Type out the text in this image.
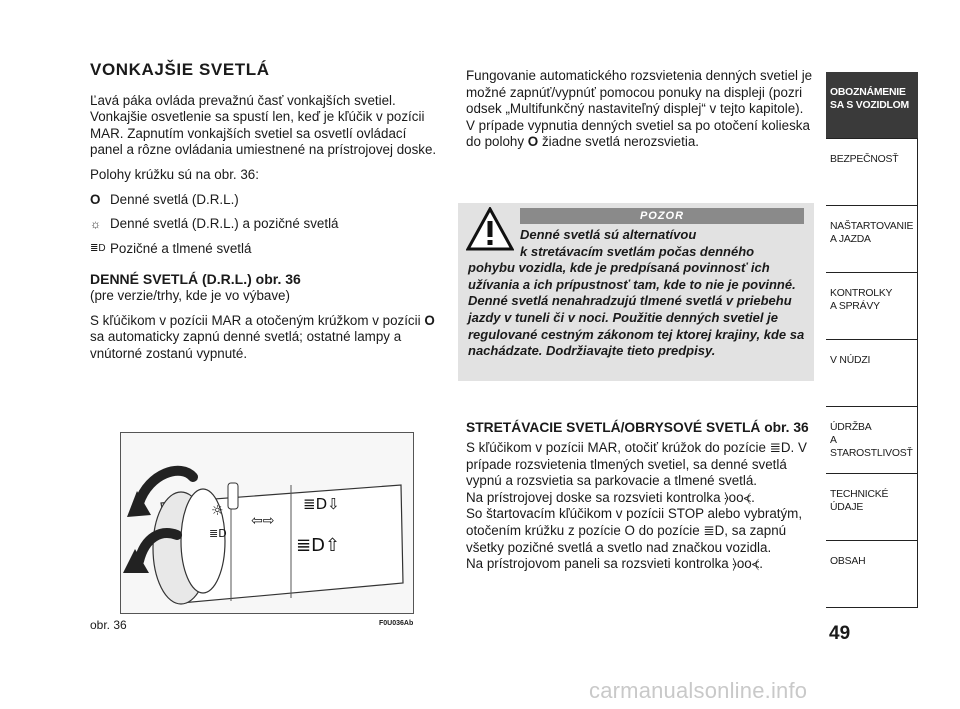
VONKAJŠIE SVETLÁ
Ľavá páka ovláda prevažnú časť vonkajších svetiel. Vonkajšie osvetlenie sa spustí len, keď je kľúčik v pozícii MAR. Zapnutím vonkajších svetiel sa osvetlí ovládací panel a rôzne ovládania umiestnené na prístrojovej doske.
Polohy krúžku sú na obr. 36:
O Denné svetlá (D.R.L.)
☼ Denné svetlá (D.R.L.) a pozičné svetlá
≣D Pozičné a tlmené svetlá
DENNÉ SVETLÁ (D.R.L.) obr. 36
(pre verzie/trhy, kde je vo výbave)
S kľúčikom v pozícii MAR a otočeným krúžkom v pozícii O sa automaticky zapnú denné svetlá; ostatné lampy a vnútorné zostanú vypnuté.
☼
≣D
⇦⇨
≣D⇩
≣D⇧
obr. 36	F0U036Ab
Fungovanie automatického rozsvietenia denných svetiel je možné zapnúť/vypnúť pomocou ponuky na displeji (pozri odsek „Multifunkčný nastaviteľný displej“ v tejto kapitole). V prípade vypnutia denných svetiel sa po otočení kolieska do polohy O žiadne svetlá nerozsvietia.
POZOR
Denné svetlá sú alternatívou
k stretávacím svetlám počas denného
pohybu vozidla, kde je predpísaná povinnosť ich užívania a ich prípustnosť tam, kde to nie je povinné. Denné svetlá nenahradzujú tlmené svetlá v priebehu jazdy v tuneli či v noci. Použitie denných svetiel je regulované cestným zákonom tej ktorej krajiny, kde sa nachádzate. Dodržiavajte tieto predpisy.
STRETÁVACIE SVETLÁ/OBRYSOVÉ SVETLÁ obr. 36
S kľúčikom v pozícii MAR, otočiť krúžok do pozície ≣D. V prípade rozsvietenia tlmených svetiel, sa denné svetlá vypnú a rozsvietia sa parkovacie a tlmené svetlá.
Na prístrojovej doske sa rozsvieti kontrolka ⦒oo⦓.
So štartovacím kľúčikom v pozícii STOP alebo vybratým, otočením krúžku z pozície O do pozície ≣D, sa zapnú všetky pozičné svetlá a svetlo nad značkou vozidla.
Na prístrojovom paneli sa rozsvieti kontrolka ⦒oo⦓.
OBOZNÁMENIE
SA S VOZIDLOM
BEZPEČNOSŤ
NAŠTARTOVANIE
A JAZDA
KONTROLKY
A SPRÁVY
V NÚDZI
ÚDRŽBA
A STAROSTLIVOSŤ
TECHNICKÉ
ÚDAJE
OBSAH
49
carmanualsonline.info
